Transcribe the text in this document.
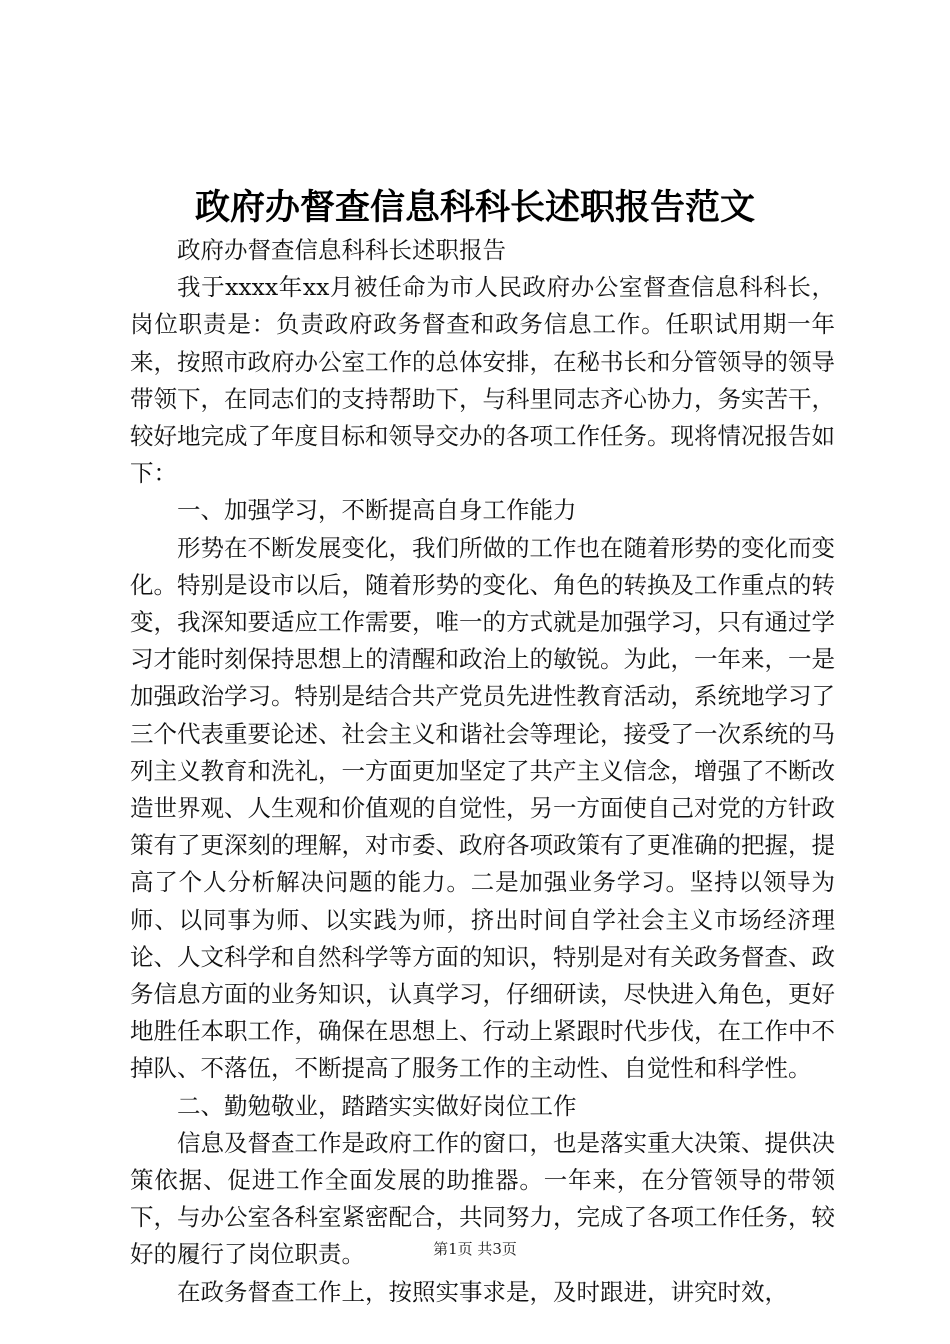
政府办督查信息科科长述职报告范文

政府办督查信息科科长述职报告

我于xxxx年xx月被任命为市人民政府办公室督查信息科科长，岗位职责是：负责政府政务督查和政务信息工作。任职试用期一年来，按照市政府办公室工作的总体安排，在秘书长和分管领导的领导带领下，在同志们的支持帮助下，与科里同志齐心协力，务实苦干，较好地完成了年度目标和领导交办的各项工作任务。现将情况报告如下：

一、加强学习，不断提高自身工作能力

形势在不断发展变化，我们所做的工作也在随着形势的变化而变化。特别是设市以后，随着形势的变化、角色的转换及工作重点的转变，我深知要适应工作需要，唯一的方式就是加强学习，只有通过学习才能时刻保持思想上的清醒和政治上的敏锐。为此，一年来，一是加强政治学习。特别是结合共产党员先进性教育活动，系统地学习了三个代表重要论述、社会主义和谐社会等理论，接受了一次系统的马列主义教育和洗礼，一方面更加坚定了共产主义信念，增强了不断改造世界观、人生观和价值观的自觉性，另一方面使自己对党的方针政策有了更深刻的理解，对市委、政府各项政策有了更准确的把握，提高了个人分析解决问题的能力。二是加强业务学习。坚持以领导为师、以同事为师、以实践为师，挤出时间自学社会主义市场经济理论、人文科学和自然科学等方面的知识，特别是对有关政务督查、政务信息方面的业务知识，认真学习，仔细研读，尽快进入角色，更好地胜任本职工作，确保在思想上、行动上紧跟时代步伐，在工作中不掉队、不落伍，不断提高了服务工作的主动性、自觉性和科学性。

二、勤勉敬业，踏踏实实做好岗位工作

信息及督查工作是政府工作的窗口，也是落实重大决策、提供决策依据、促进工作全面发展的助推器。一年来，在分管领导的带领下，与办公室各科室紧密配合，共同努力，完成了各项工作任务，较好的履行了岗位职责。

在政务督查工作上，按照实事求是，及时跟进，讲究时效，

第1页 共3页
